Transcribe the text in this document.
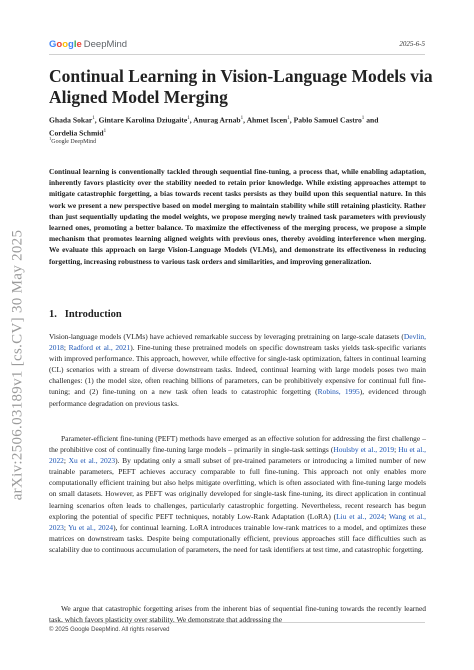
Google DeepMind	2025-6-5
arXiv:2506.03189v1 [cs.CV] 30 May 2025
Continual Learning in Vision-Language Models via Aligned Model Merging
Ghada Sokar$^1$, Gintare Karolina Dziugaite$^1$, Anurag Arnab$^1$, Ahmet Iscen$^1$, Pablo Samuel Castro$^1$ and
Cordelia Schmid$^1$
$^1$Google DeepMind

Continual learning is conventionally tackled through sequential fine-tuning, a process that, while enabling adaptation, inherently favors plasticity over the stability needed to retain prior knowledge. While existing approaches attempt to mitigate catastrophic forgetting, a bias towards recent tasks persists as they build upon this sequential nature. In this work we present a new perspective based on model merging to maintain stability while still retaining plasticity. Rather than just sequentially updating the model weights, we propose merging newly trained task parameters with previously learned ones, promoting a better balance. To maximize the effectiveness of the merging process, we propose a simple mechanism that promotes learning aligned weights with previous ones, thereby avoiding interference when merging. We evaluate this approach on large Vision-Language Models (VLMs), and demonstrate its effectiveness in reducing forgetting, increasing robustness to various task orders and similarities, and improving generalization.

1. Introduction

Vision-language models (VLMs) have achieved remarkable success by leveraging pretraining on large-scale datasets (Devlin, 2018; Radford et al., 2021). Fine-tuning these pretrained models on specific downstream tasks yields task-specific variants with improved performance. This approach, however, while effective for single-task optimization, falters in continual learning (CL) scenarios with a stream of diverse downstream tasks. Indeed, continual learning with large models poses two main challenges: (1) the model size, often reaching billions of parameters, can be prohibitively expensive for continual full fine-tuning; and (2) fine-tuning on a new task often leads to catastrophic forgetting (Robins, 1995), evidenced through performance degradation on previous tasks.

Parameter-efficient fine-tuning (PEFT) methods have emerged as an effective solution for addressing the first challenge – the prohibitive cost of continually fine-tuning large models – primarily in single-task settings (Houlsby et al., 2019; Hu et al., 2022; Xu et al., 2023). By updating only a small subset of pre-trained parameters or introducing a limited number of new trainable parameters, PEFT achieves accuracy comparable to full fine-tuning. This approach not only enables more computationally efficient training but also helps mitigate overfitting, which is often associated with fine-tuning large models on small datasets. However, as PEFT was originally developed for single-task fine-tuning, its direct application in continual learning scenarios often leads to challenges, particularly catastrophic forgetting. Nevertheless, recent research has begun exploring the potential of specific PEFT techniques, notably Low-Rank Adaptation (LoRA) (Liu et al., 2024; Wang et al., 2023; Yu et al., 2024), for continual learning. LoRA introduces trainable low-rank matrices to a model, and optimizes these matrices on downstream tasks. Despite being computationally efficient, previous approaches still face difficulties such as scalability due to continuous accumulation of parameters, the need for task identifiers at test time, and catastrophic forgetting.

We argue that catastrophic forgetting arises from the inherent bias of sequential fine-tuning towards the recently learned task, which favors plasticity over stability. We demonstrate that addressing the

© 2025 Google DeepMind. All rights reserved
